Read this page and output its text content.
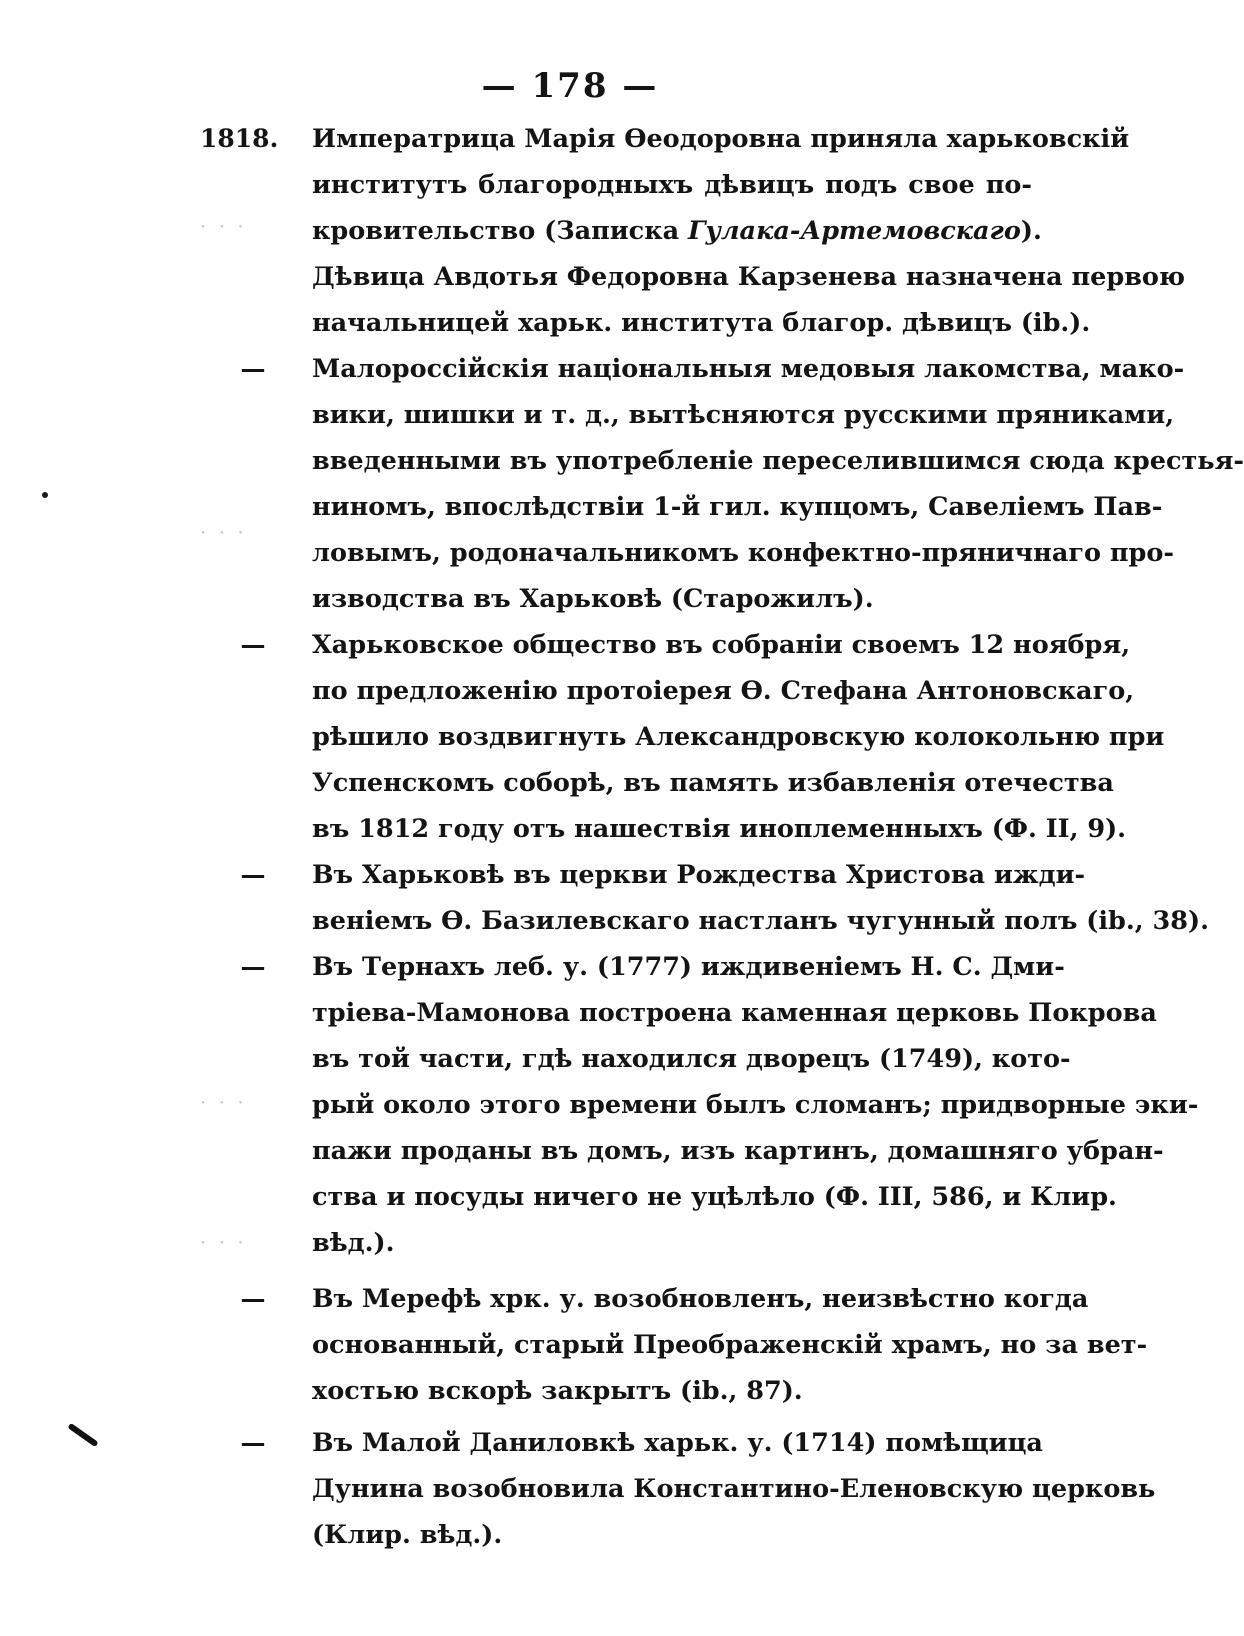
— 178 —
· · ·
· · ·
· · ·
· · ·
1818.	Императрица Марія Өеодоровна приняла харьковскій
институтъ благородныхъ дѣвицъ подъ свое по-
кровительство (Записка Гулака-Артемовскаго).
Дѣвица Авдотья Федоровна Карзенева назначена первою
начальницей харьк. института благор. дѣвицъ (ib.).
—	Малороссійскія національныя медовыя лакомства, мако-
вики, шишки и т. д., вытѣсняются русскими пряниками,
введенными въ употребленіе переселившимся сюда крестья-
ниномъ, впослѣдствіи 1-й гил. купцомъ, Савеліемъ Пав-
ловымъ, родоначальникомъ конфектно-пряничнаго про-
изводства въ Харьковѣ (Старожилъ).
—	Харьковское общество въ собраніи своемъ 12 ноября,
по предложенію протоіерея Ө. Стефана Антоновскаго,
рѣшило воздвигнуть Александровскую колокольню при
Успенскомъ соборѣ, въ память избавленія отечества
въ 1812 году отъ нашествія иноплеменныхъ (Ф. II, 9).
—	Въ Харьковѣ въ церкви Рождества Христова ижди-
веніемъ Ө. Базилевскаго настланъ чугунный полъ (ib., 38).
—	Въ Тернахъ леб. у. (1777) иждивеніемъ Н. С. Дми-
тріева-Мамонова построена каменная церковь Покрова
въ той части, гдѣ находился дворецъ (1749), кото-
рый около этого времени былъ сломанъ; придворные эки-
пажи проданы въ домъ, изъ картинъ, домашняго убран-
ства и посуды ничего не уцѣлѣло (Ф. III, 586, и Клир.
вѣд.).
—	Въ Мерефѣ хрк. у. возобновленъ, неизвѣстно когда
основанный, старый Преображенскій храмъ, но за вет-
хостью вскорѣ закрытъ (ib., 87).
—	Въ Малой Даниловкѣ харьк. у. (1714) помѣщица
Дунина возобновила Константино-Еленовскую церковь
(Клир. вѣд.).
